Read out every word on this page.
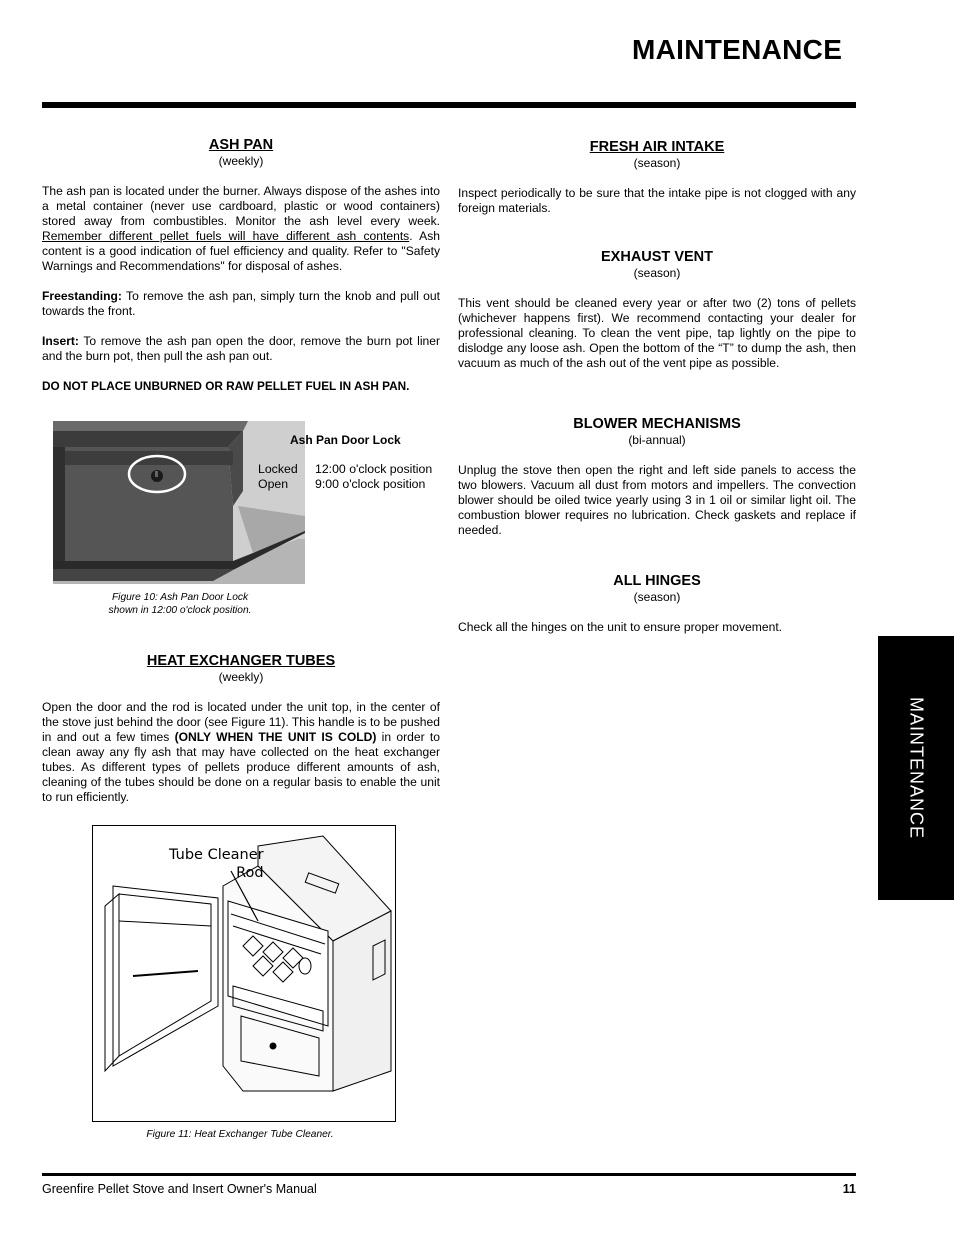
MAINTENANCE
ASH PAN
(weekly)

The ash pan is located under the burner. Always dispose of the ashes into a metal container (never use cardboard, plastic or wood containers) stored away from combustibles. Monitor the ash level every week. Remember different pellet fuels will have different ash contents. Ash content is a good indication of fuel efficiency and quality. Refer to "Safety Warnings and Recommendations" for disposal of ashes.

Freestanding: To remove the ash pan, simply turn the knob and pull out towards the front.

Insert: To remove the ash pan open the door, remove the burn pot liner and the burn pot, then pull the ash pan out.

DO NOT PLACE UNBURNED OR RAW PELLET FUEL IN ASH PAN.

Ash Pan Door Lock
Locked 12:00 o'clock position
Open 9:00 o'clock position
Figure 10: Ash Pan Door Lock
shown in 12:00 o'clock position.
HEAT EXCHANGER TUBES
(weekly)

Open the door and the rod is located under the unit top, in the center of the stove just behind the door (see Figure 11). This handle is to be pushed in and out a few times (ONLY WHEN THE UNIT IS COLD) in order to clean away any fly ash that may have collected on the heat exchanger tubes. As different types of pellets produce different amounts of ash, cleaning of the tubes should be done on a regular basis to enable the unit to run efficiently.

Tube Cleaner
Rod
Figure 11: Heat Exchanger Tube Cleaner.
FRESH AIR INTAKE
(season)

Inspect periodically to be sure that the intake pipe is not clogged with any foreign materials.

EXHAUST VENT
(season)

This vent should be cleaned every year or after two (2) tons of pellets (whichever happens first). We recommend contacting your dealer for professional cleaning. To clean the vent pipe, tap lightly on the pipe to dislodge any loose ash. Open the bottom of the “T” to dump the ash, then vacuum as much of the ash out of the vent pipe as possible.

BLOWER MECHANISMS
(bi-annual)

Unplug the stove then open the right and left side panels to access the two blowers. Vacuum all dust from motors and impellers. The convection blower should be oiled twice yearly using 3 in 1 oil or similar light oil. The combustion blower requires no lubrication. Check gaskets and replace if needed.

ALL HINGES
(season)

Check all the hinges on the unit to ensure proper movement.

MAINTENANCE
Greenfire Pellet Stove and Insert Owner's Manual	11
